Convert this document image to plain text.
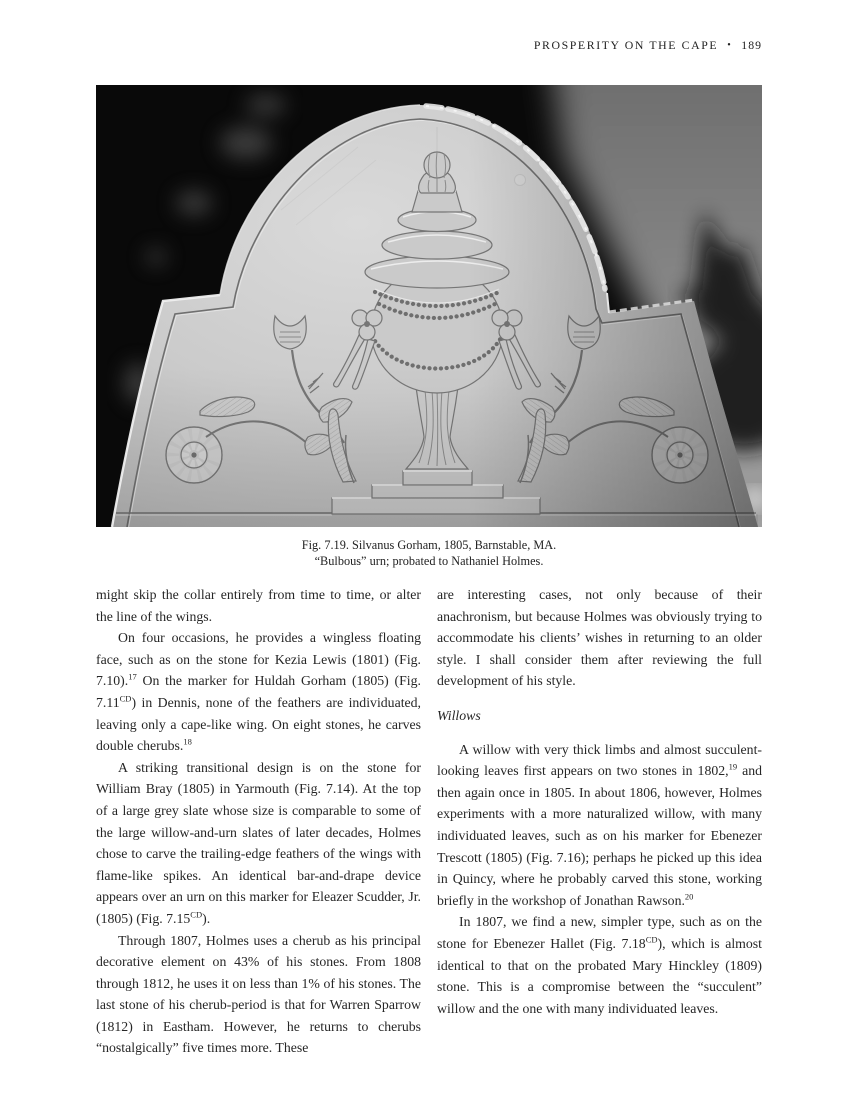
PROSPERITY ON THE CAPE • 189
Fig. 7.19. Silvanus Gorham, 1805, Barnstable, MA.
“Bulbous” urn; probated to Nathaniel Holmes.

might skip the collar entirely from time to time, or alter the line of the wings.

On four occasions, he provides a wingless floating face, such as on the stone for Kezia Lewis (1801) (Fig. 7.10).$^{17}$ On the marker for Huldah Gorham (1805) (Fig. $7.11^{CD}$) in Dennis, none of the feathers are individuated, leaving only a cape-like wing. On eight stones, he carves double cherubs.$^{18}$

A striking transitional design is on the stone for William Bray (1805) in Yarmouth (Fig. 7.14). At the top of a large grey slate whose size is comparable to some of the large willow-and-urn slates of later decades, Holmes chose to carve the trailing-edge feathers of the wings with flame-like spikes. An identical bar-and-drape device appears over an urn on this marker for Eleazer Scudder, Jr. (1805) (Fig. $7.15^{CD}$).

Through 1807, Holmes uses a cherub as his principal decorative element on 43% of his stones. From 1808 through 1812, he uses it on less than 1% of his stones. The last stone of his cherub-period is that for Warren Sparrow (1812) in Eastham. However, he returns to cherubs “nostalgically” five times more. These

are interesting cases, not only because of their anachronism, but because Holmes was obviously trying to accommodate his clients’ wishes in returning to an older style. I shall consider them after reviewing the full development of his style.

Willows

A willow with very thick limbs and almost succulent-looking leaves first appears on two stones in 1802,19 and then again once in 1805. In about 1806, however, Holmes experiments with a more naturalized willow, with many individuated leaves, such as on his marker for Ebenezer Trescott (1805) (Fig. 7.16); perhaps he picked up this idea in Quincy, where he probably carved this stone, working briefly in the workshop of Jonathan Rawson.$^{20}$

In 1807, we find a new, simpler type, such as on the stone for Ebenezer Hallet (Fig. $7.18^{CD}$), which is almost identical to that on the probated Mary Hinckley (1809) stone. This is a compromise between the “succulent” willow and the one with many individuated leaves.
